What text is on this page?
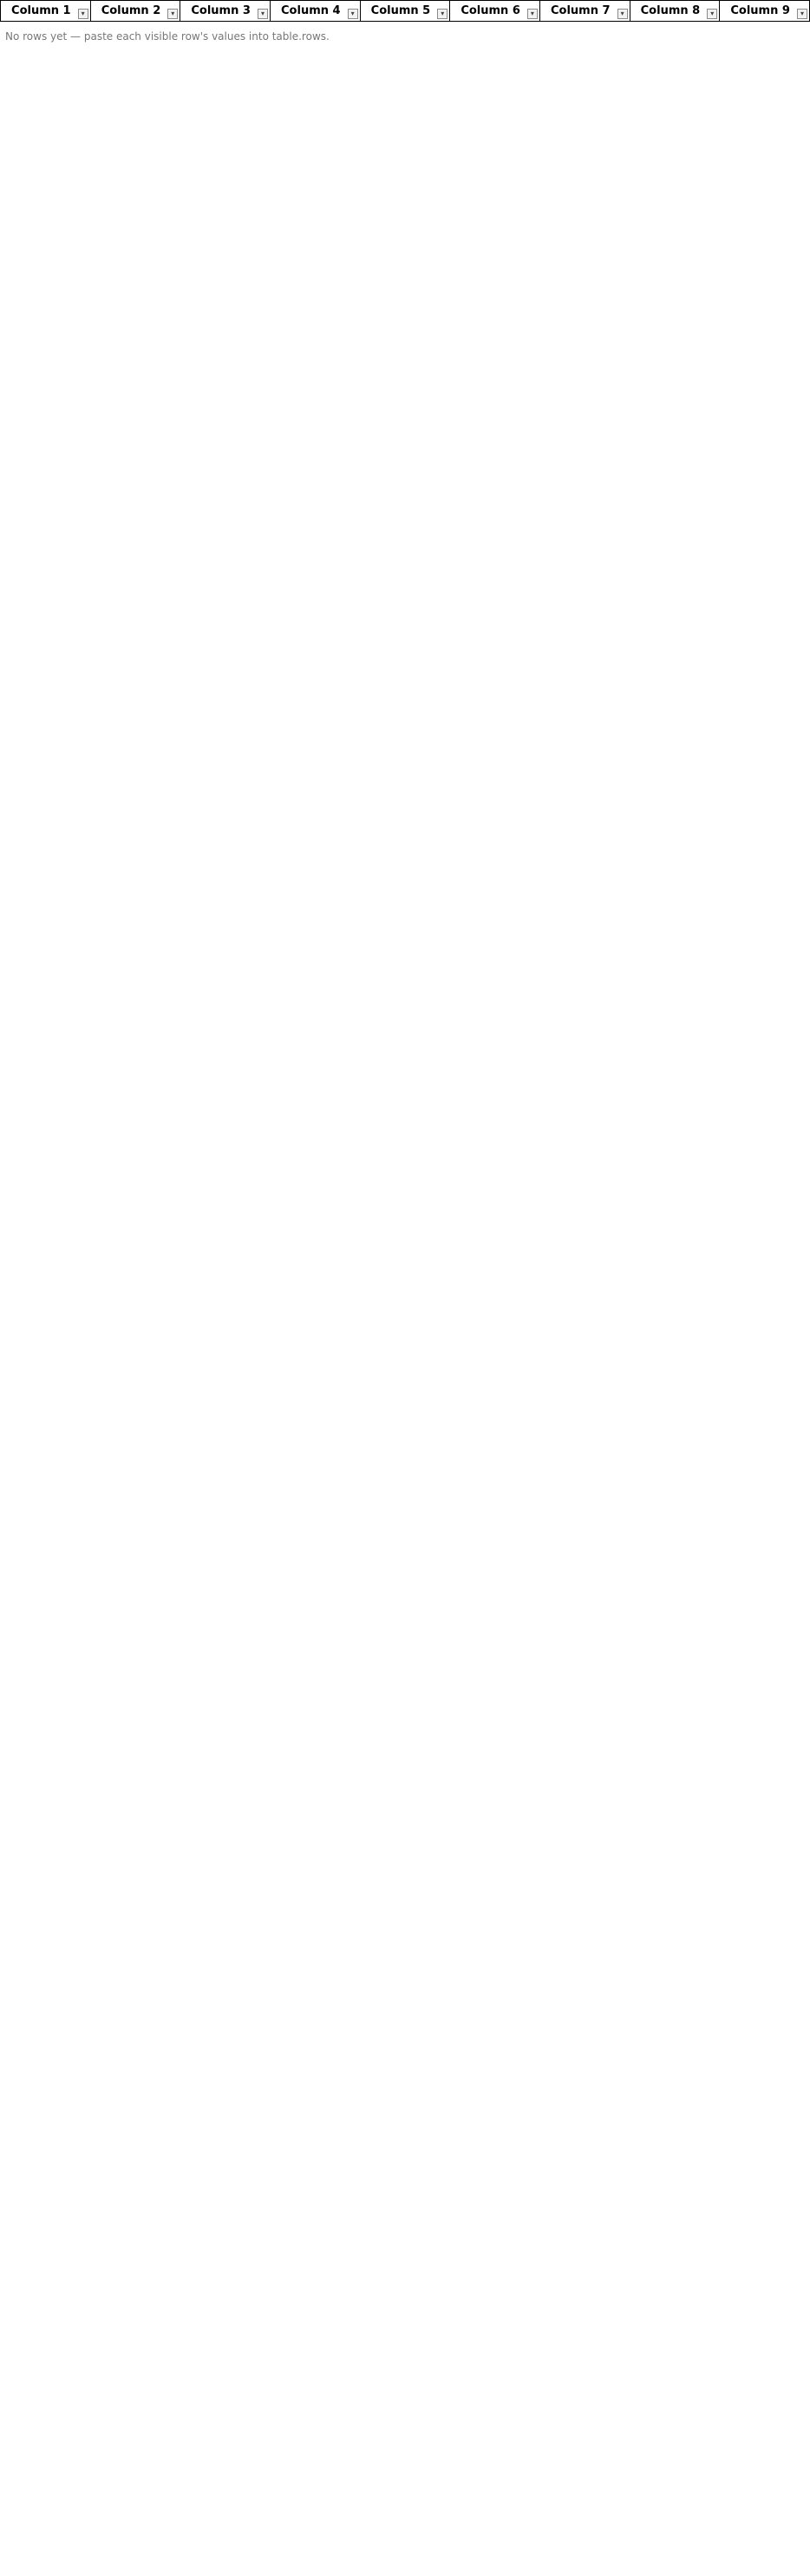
Column 1	▾	Column 2	▾	Column 3	▾	Column 4	▾	Column 5	▾	Column 6	▾	Column 7	▾	Column 8	▾	Column 9	▾
No rows yet — paste each visible row's values into table.rows.
